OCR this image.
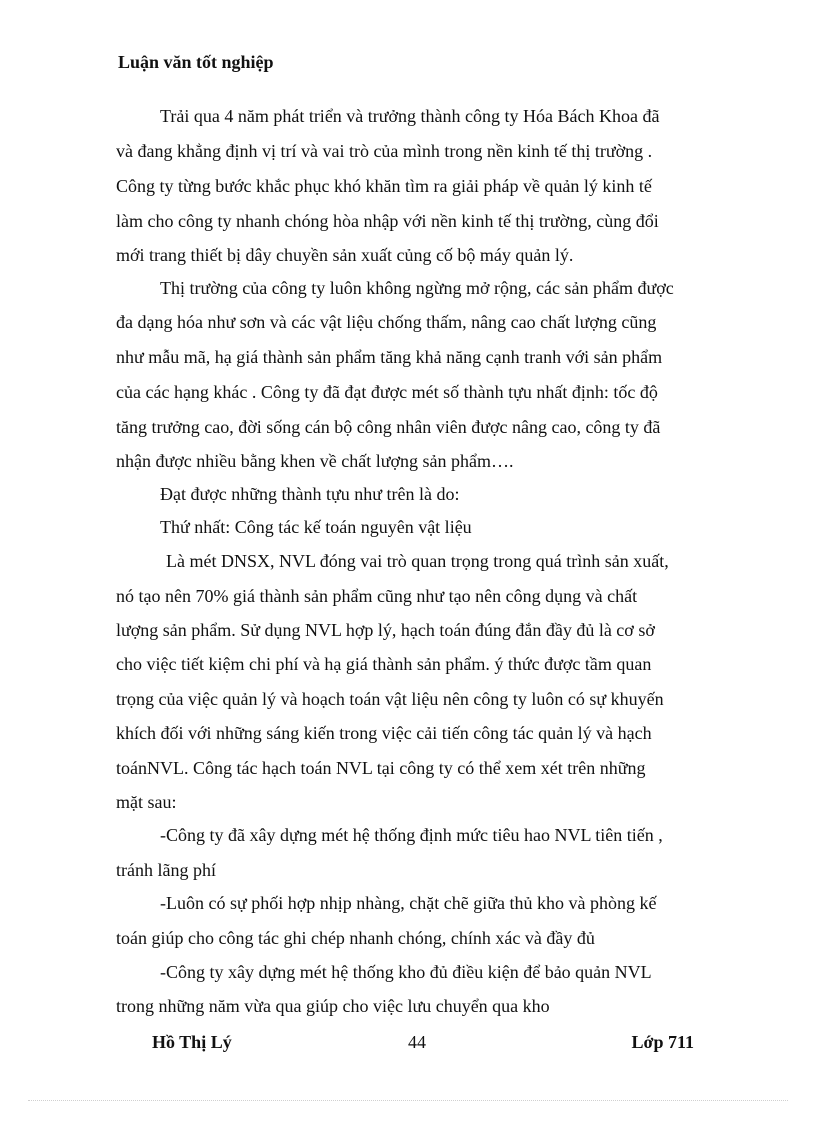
Luận văn tốt nghiệp
Trải qua 4 năm phát triển và trưởng thành công ty Hóa Bách Khoa đã
và đang khẳng định vị trí và vai trò của mình trong nền kinh tế thị trường .
Công ty từng bước khắc phục khó khăn tìm ra giải pháp về quản lý kinh tế
làm cho công ty nhanh chóng hòa nhập với nền kinh tế thị trường, cùng đổi
mới trang thiết bị dây chuyền sản xuất củng cố bộ máy quản lý.
Thị trường của công ty luôn không ngừng mở rộng, các sản phẩm được
đa dạng hóa như sơn và các vật liệu chống thấm, nâng cao chất lượng cũng
như mẫu mã, hạ giá thành sản phẩm tăng khả năng cạnh tranh với sản phẩm
của các hạng khác . Công ty đã đạt được mét số thành tựu nhất định: tốc độ
tăng trưởng cao, đời sống cán bộ công nhân viên được nâng cao, công ty đã
nhận được nhiều bằng khen về chất lượng sản phẩm….
Đạt được những thành tựu như trên là do:
Thứ nhất: Công tác kế toán nguyên vật liệu
Là mét DNSX, NVL đóng vai trò quan trọng trong quá trình sản xuất,
nó tạo nên 70% giá thành sản phẩm cũng như tạo nên công dụng và chất
lượng sản phẩm. Sử dụng NVL hợp lý, hạch toán đúng đắn đầy đủ là cơ sở
cho việc tiết kiệm chi phí và hạ giá thành sản phẩm. ý thức được tầm quan
trọng của việc quản lý và hoạch toán vật liệu nên công ty luôn có sự khuyến
khích đối với những sáng kiến trong việc cải tiến công tác quản lý và hạch
toánNVL. Công tác hạch toán NVL tại công ty có thể xem xét trên những
mặt sau:
-Công ty đã xây dựng mét hệ thống định mức tiêu hao NVL tiên tiến ,
tránh lãng phí
-Luôn có sự phối hợp nhịp nhàng, chặt chẽ giữa thủ kho và phòng kế
toán giúp cho công tác ghi chép nhanh chóng, chính xác và đầy đủ
-Công ty xây dựng mét hệ thống kho đủ điều kiện để bảo quản NVL
trong những năm vừa qua giúp cho việc lưu chuyển qua kho
Hồ Thị Lý	44	Lớp 711
